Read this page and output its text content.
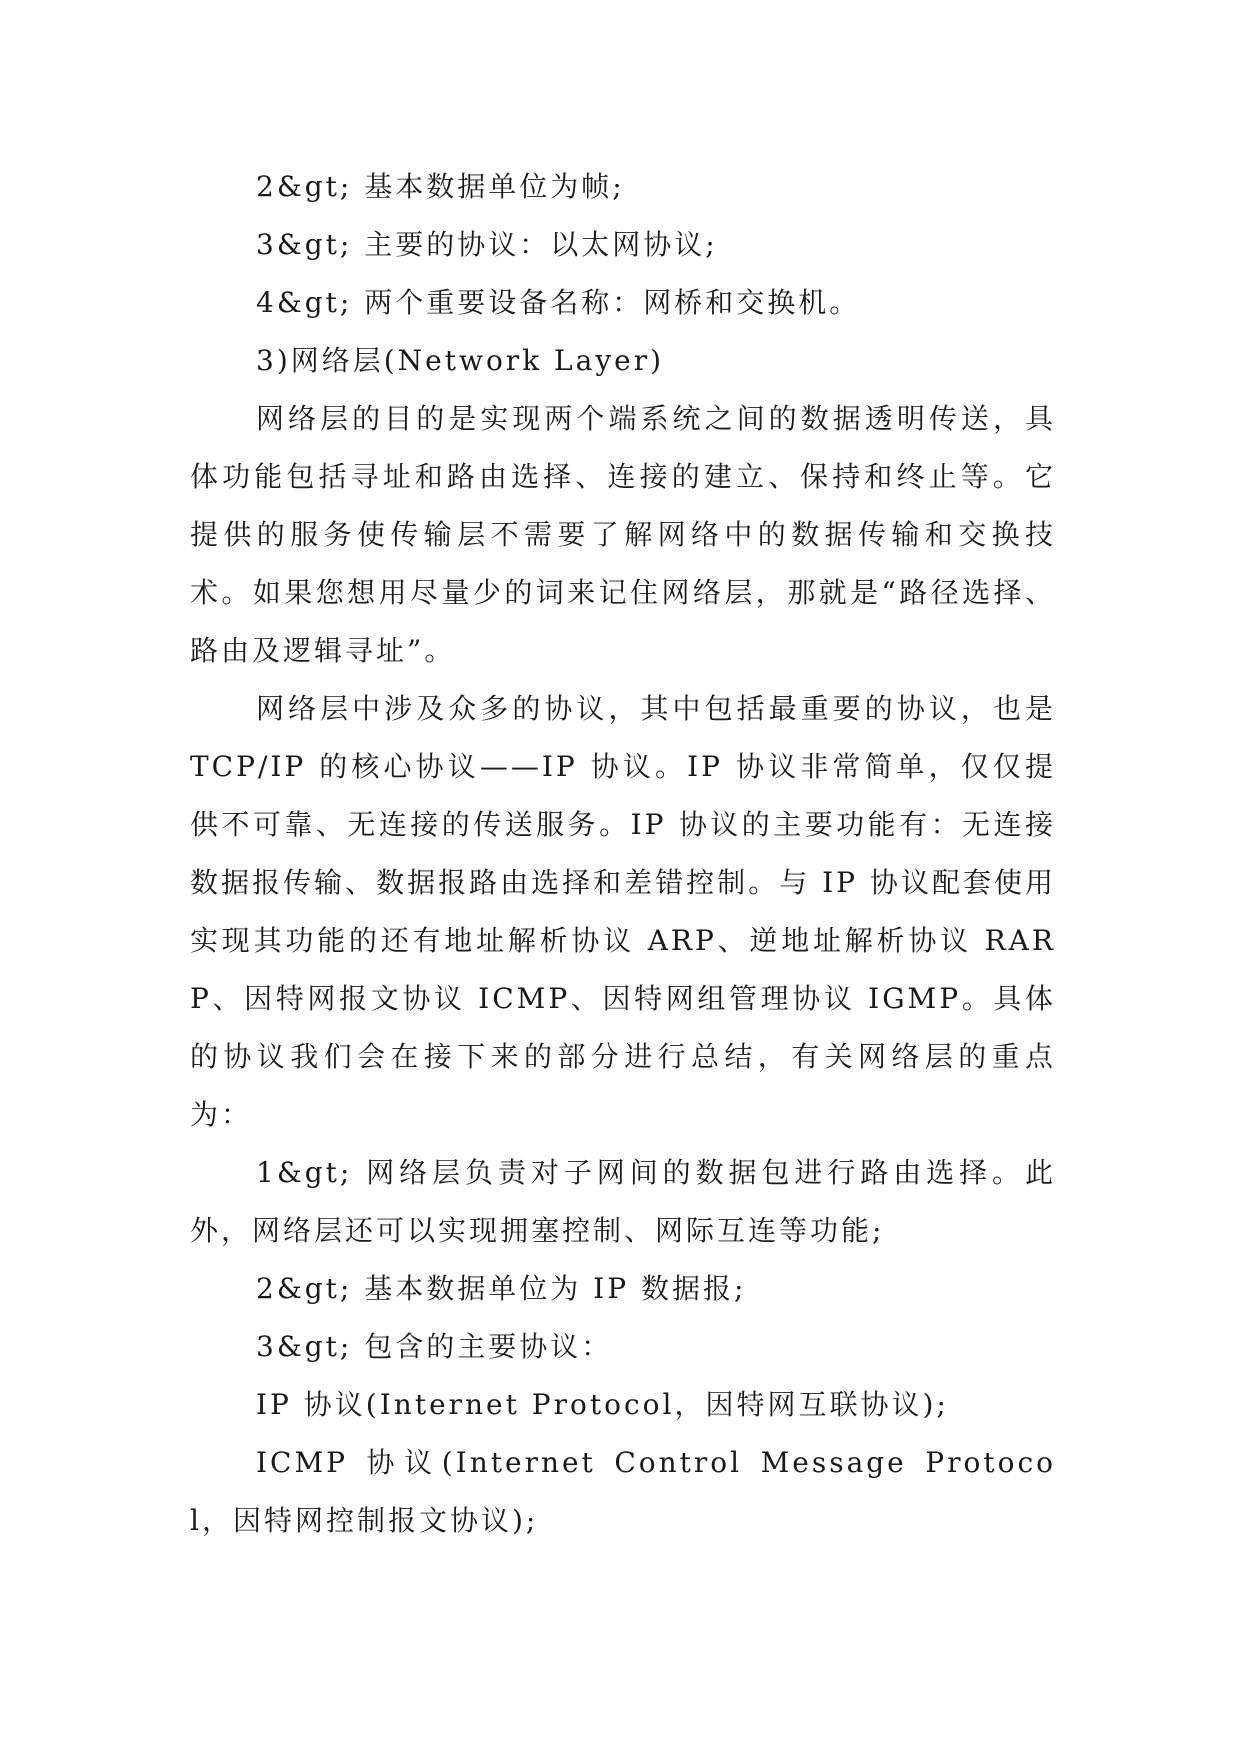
2&gt; 基本数据单位为帧;

3&gt; 主要的协议：以太网协议;

4&gt; 两个重要设备名称：网桥和交换机。

3)网络层(Network Layer)

网络层的目的是实现两个端系统之间的数据透明传送，具体功能包括寻址和路由选择、连接的建立、保持和终止等。它提供的服务使传输层不需要了解网络中的数据传输和交换技术。如果您想用尽量少的词来记住网络层，那就是“路径选择、路由及逻辑寻址”。

网络层中涉及众多的协议，其中包括最重要的协议，也是 TCP/IP 的核心协议——IP 协议。IP 协议非常简单，仅仅提供不可靠、无连接的传送服务。IP 协议的主要功能有：无连接数据报传输、数据报路由选择和差错控制。与 IP 协议配套使用实现其功能的还有地址解析协议 ARP、逆地址解析协议 RARP、因特网报文协议 ICMP、因特网组管理协议 IGMP。具体的协议我们会在接下来的部分进行总结，有关网络层的重点为：

1&gt; 网络层负责对子网间的数据包进行路由选择。此外，网络层还可以实现拥塞控制、网际互连等功能;

2&gt; 基本数据单位为 IP 数据报;

3&gt; 包含的主要协议：

IP 协议(Internet Protocol，因特网互联协议);

ICMP 协议(Internet Control Message Protocol，因特网控制报文协议);
